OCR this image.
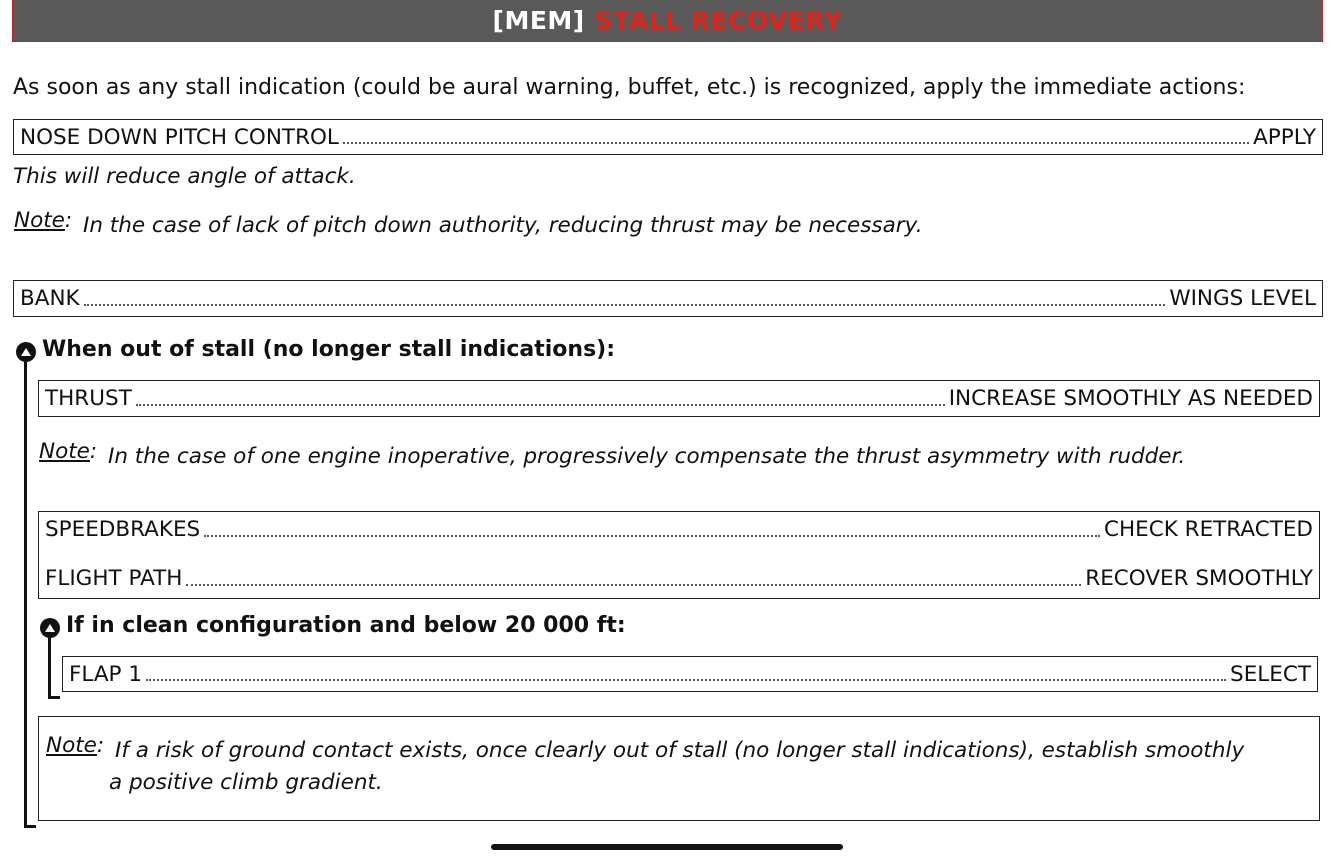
[MEM] STALL RECOVERY
As soon as any stall indication (could be aural warning, buffet, etc.) is recognized, apply the immediate actions:
NOSE DOWN PITCH CONTROL	APPLY
This will reduce angle of attack.
Note: In the case of lack of pitch down authority, reducing thrust may be necessary.
BANK	WINGS LEVEL
When out of stall (no longer stall indications):
THRUST	INCREASE SMOOTHLY AS NEEDED
Note: In the case of one engine inoperative, progressively compensate the thrust asymmetry with rudder.
SPEEDBRAKES	CHECK RETRACTED
FLIGHT PATH	RECOVER SMOOTHLY
If in clean configuration and below 20 000 ft:
FLAP 1	SELECT
Note: If a risk of ground contact exists, once clearly out of stall (no longer stall indications), establish smoothly
a positive climb gradient.
